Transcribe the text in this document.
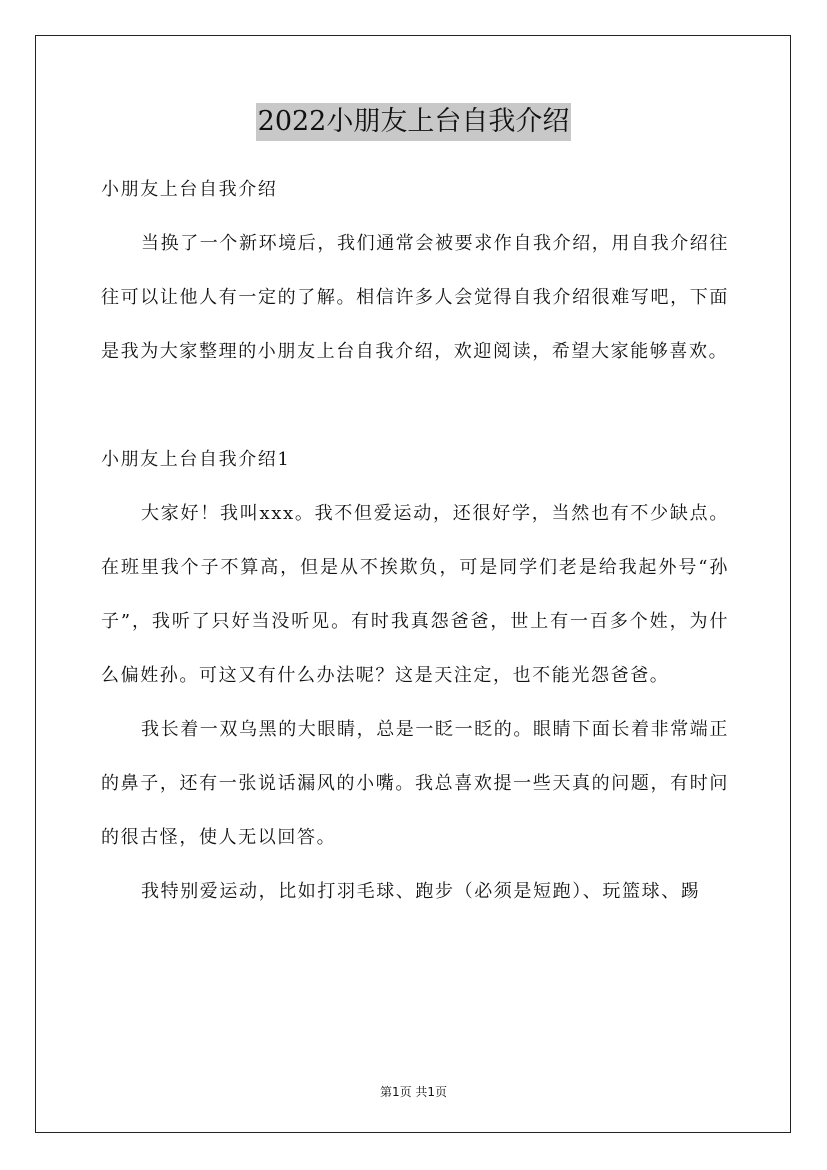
2022小朋友上台自我介绍

小朋友上台自我介绍

当换了一个新环境后，我们通常会被要求作自我介绍，用自我介绍往往可以让他人有一定的了解。相信许多人会觉得自我介绍很难写吧，下面是我为大家整理的小朋友上台自我介绍，欢迎阅读，希望大家能够喜欢。

小朋友上台自我介绍1

大家好！我叫xxx。我不但爱运动，还很好学，当然也有不少缺点。在班里我个子不算高，但是从不挨欺负，可是同学们老是给我起外号“孙子”，我听了只好当没听见。有时我真怨爸爸，世上有一百多个姓，为什么偏姓孙。可这又有什么办法呢？这是天注定，也不能光怨爸爸。

我长着一双乌黑的大眼睛，总是一眨一眨的。眼睛下面长着非常端正的鼻子，还有一张说话漏风的小嘴。我总喜欢提一些天真的问题，有时问的很古怪，使人无以回答。

我特别爱运动，比如打羽毛球、跑步（必须是短跑）、玩篮球、踢

第1页 共1页
